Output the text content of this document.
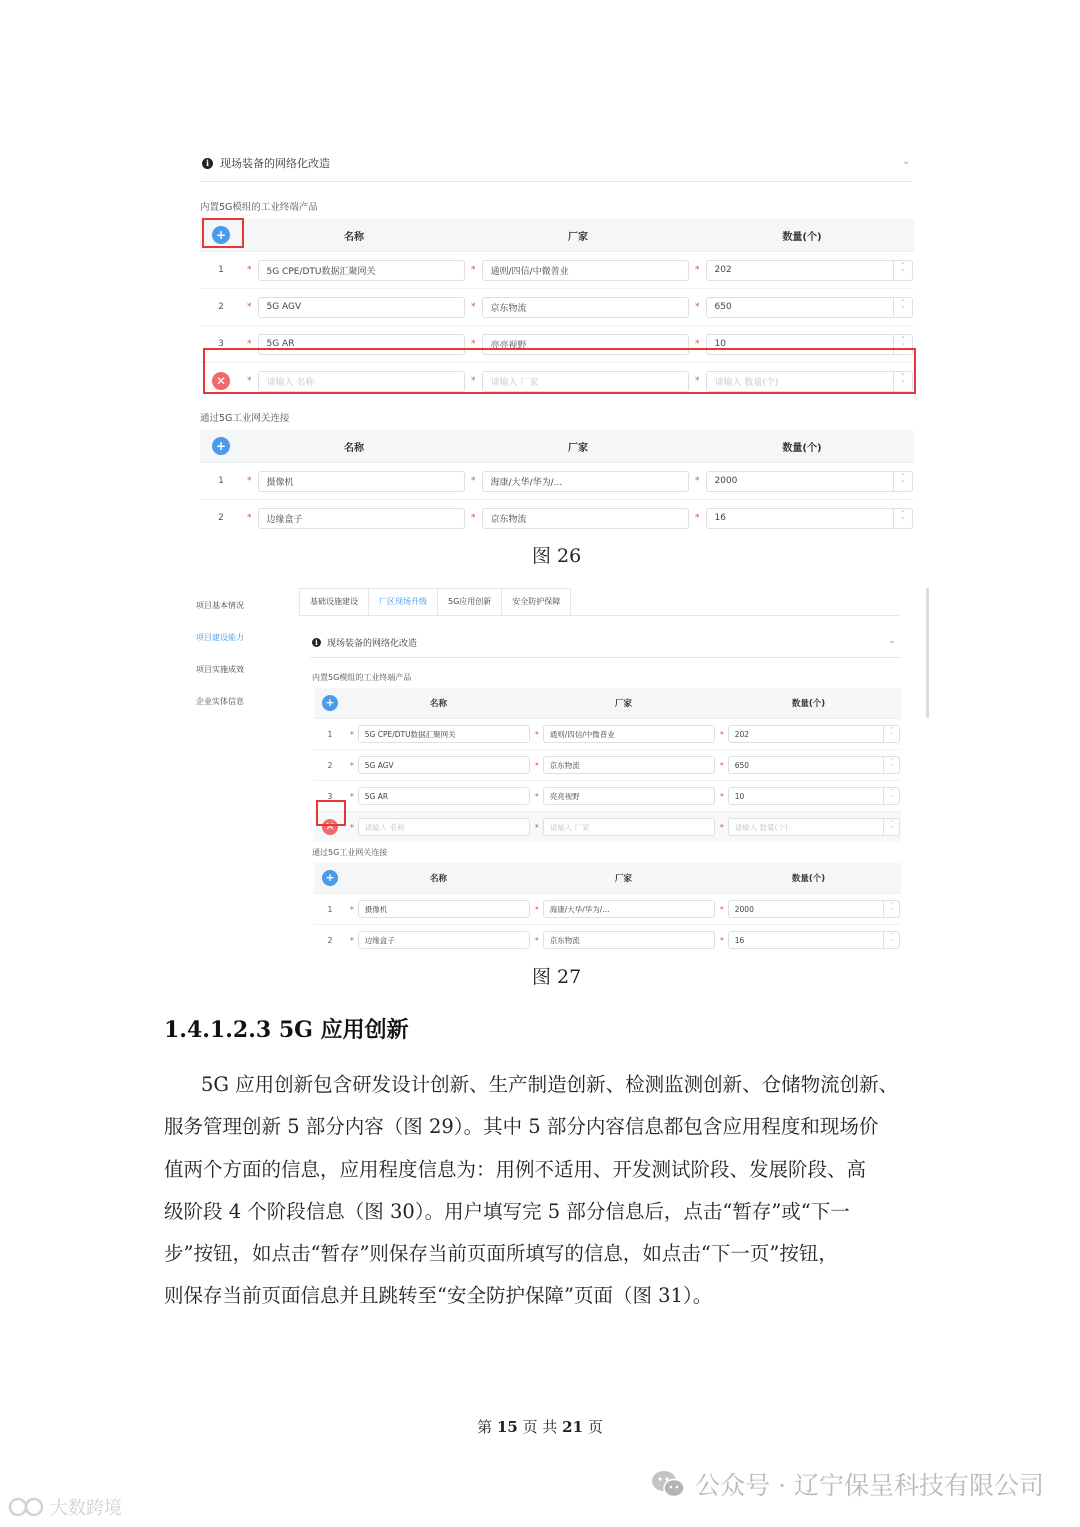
i 现场装备的网络化改造	⌄
内置5G模组的工业终端产品
+	名称	厂家	数量(个)
1	* 5G CPE/DTU数据汇聚网关	* 通则/四信/中微普业	* 202 ˄
˅

2	* 5G AGV	* 京东物流	* 650 ˄
˅

3	* 5G AR	* 亮亮视野	* 10 ˄
˅

✕	* 请输入 名称	* 请输入 厂家	* 请输入 数量(个)
˄
˅
通过5G工业网关连接
+	名称	厂家	数量(个)
1	* 摄像机	* 海康/大华/华为/...	* 2000 ˄
˅

2	* 边缘盒子	* 京东物流	* 16 ˄
˅
图 26
项目基本情况
项目建设能力
项目实施成效
企业实体信息
基础设施建设	厂区现场升级	5G应用创新	安全防护保障
i	现场装备的网络化改造	⌄
内置5G模组的工业终端产品
+	名称	厂家	数量(个)
1	* 5G CPE/DTU数据汇聚网关	* 通则/四信/中微普业	* 202 ˄
˅

2	* 5G AGV	* 京东物流	* 650 ˄
˅

3	* 5G AR	* 亮亮视野	* 10 ˄
˅

✕	* 请输入 名称	* 请输入 厂家	* 请输入 数量(个) ˄
˅
通过5G工业网关连接
+	名称	厂家	数量(个)
1	* 摄像机	* 海康/大华/华为/...	* 2000 ˄
˅

2	* 边缘盒子	* 京东物流	* 16 ˄
˅
图 27
1.4.1.2.3 5G 应用创新
5G 应用创新包含研发设计创新、生产制造创新、检测监测创新、仓储物流创新、
服务管理创新 5 部分内容（图 29）。其中 5 部分内容信息都包含应用程度和现场价
值两个方面的信息，应用程度信息为：用例不适用、开发测试阶段、发展阶段、高
级阶段 4 个阶段信息（图 30）。用户填写完 5 部分信息后，点击“暂存”或“下一
步”按钮，如点击“暂存”则保存当前页面所填写的信息，如点击“下一页”按钮，
则保存当前页面信息并且跳转至“安全防护保障”页面（图 31）。
第 15 页 共 21 页
公众号 · 辽宁保呈科技有限公司
大数跨境
